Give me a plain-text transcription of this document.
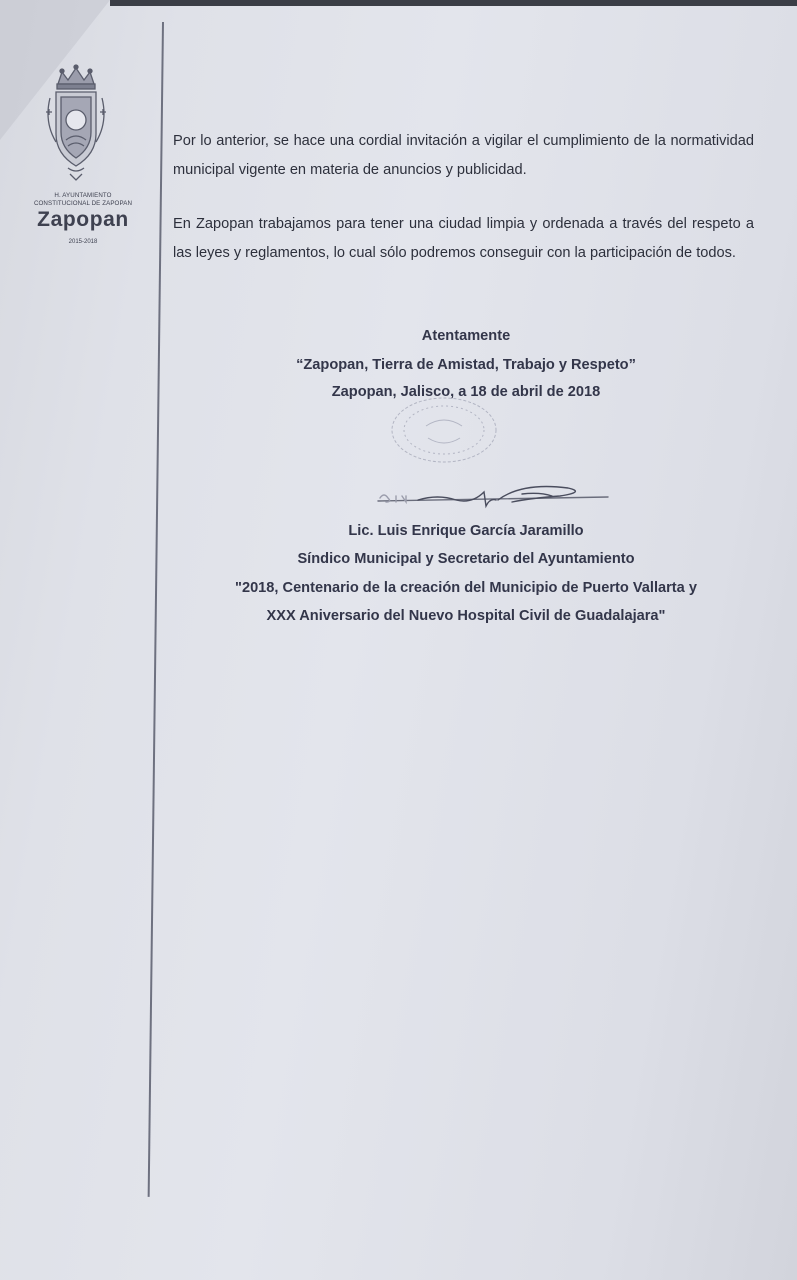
H. AYUNTAMIENTO
CONSTITUCIONAL DE ZAPOPAN
Zapopan
2015-2018
Por lo anterior, se hace una cordial invitación a vigilar el cumplimiento de la normatividad municipal vigente en materia de anuncios y publicidad.
En Zapopan trabajamos para tener una ciudad limpia y ordenada a través del respeto a las leyes y reglamentos, lo cual sólo podremos conseguir con la participación de todos.
Atentamente
“Zapopan, Tierra de Amistad, Trabajo y Respeto”
Zapopan, Jalisco, a 18 de abril de 2018
Lic. Luis Enrique García Jaramillo
Síndico Municipal y Secretario del Ayuntamiento
"2018, Centenario de la creación del Municipio de Puerto Vallarta y
XXX Aniversario del Nuevo Hospital Civil de Guadalajara"
